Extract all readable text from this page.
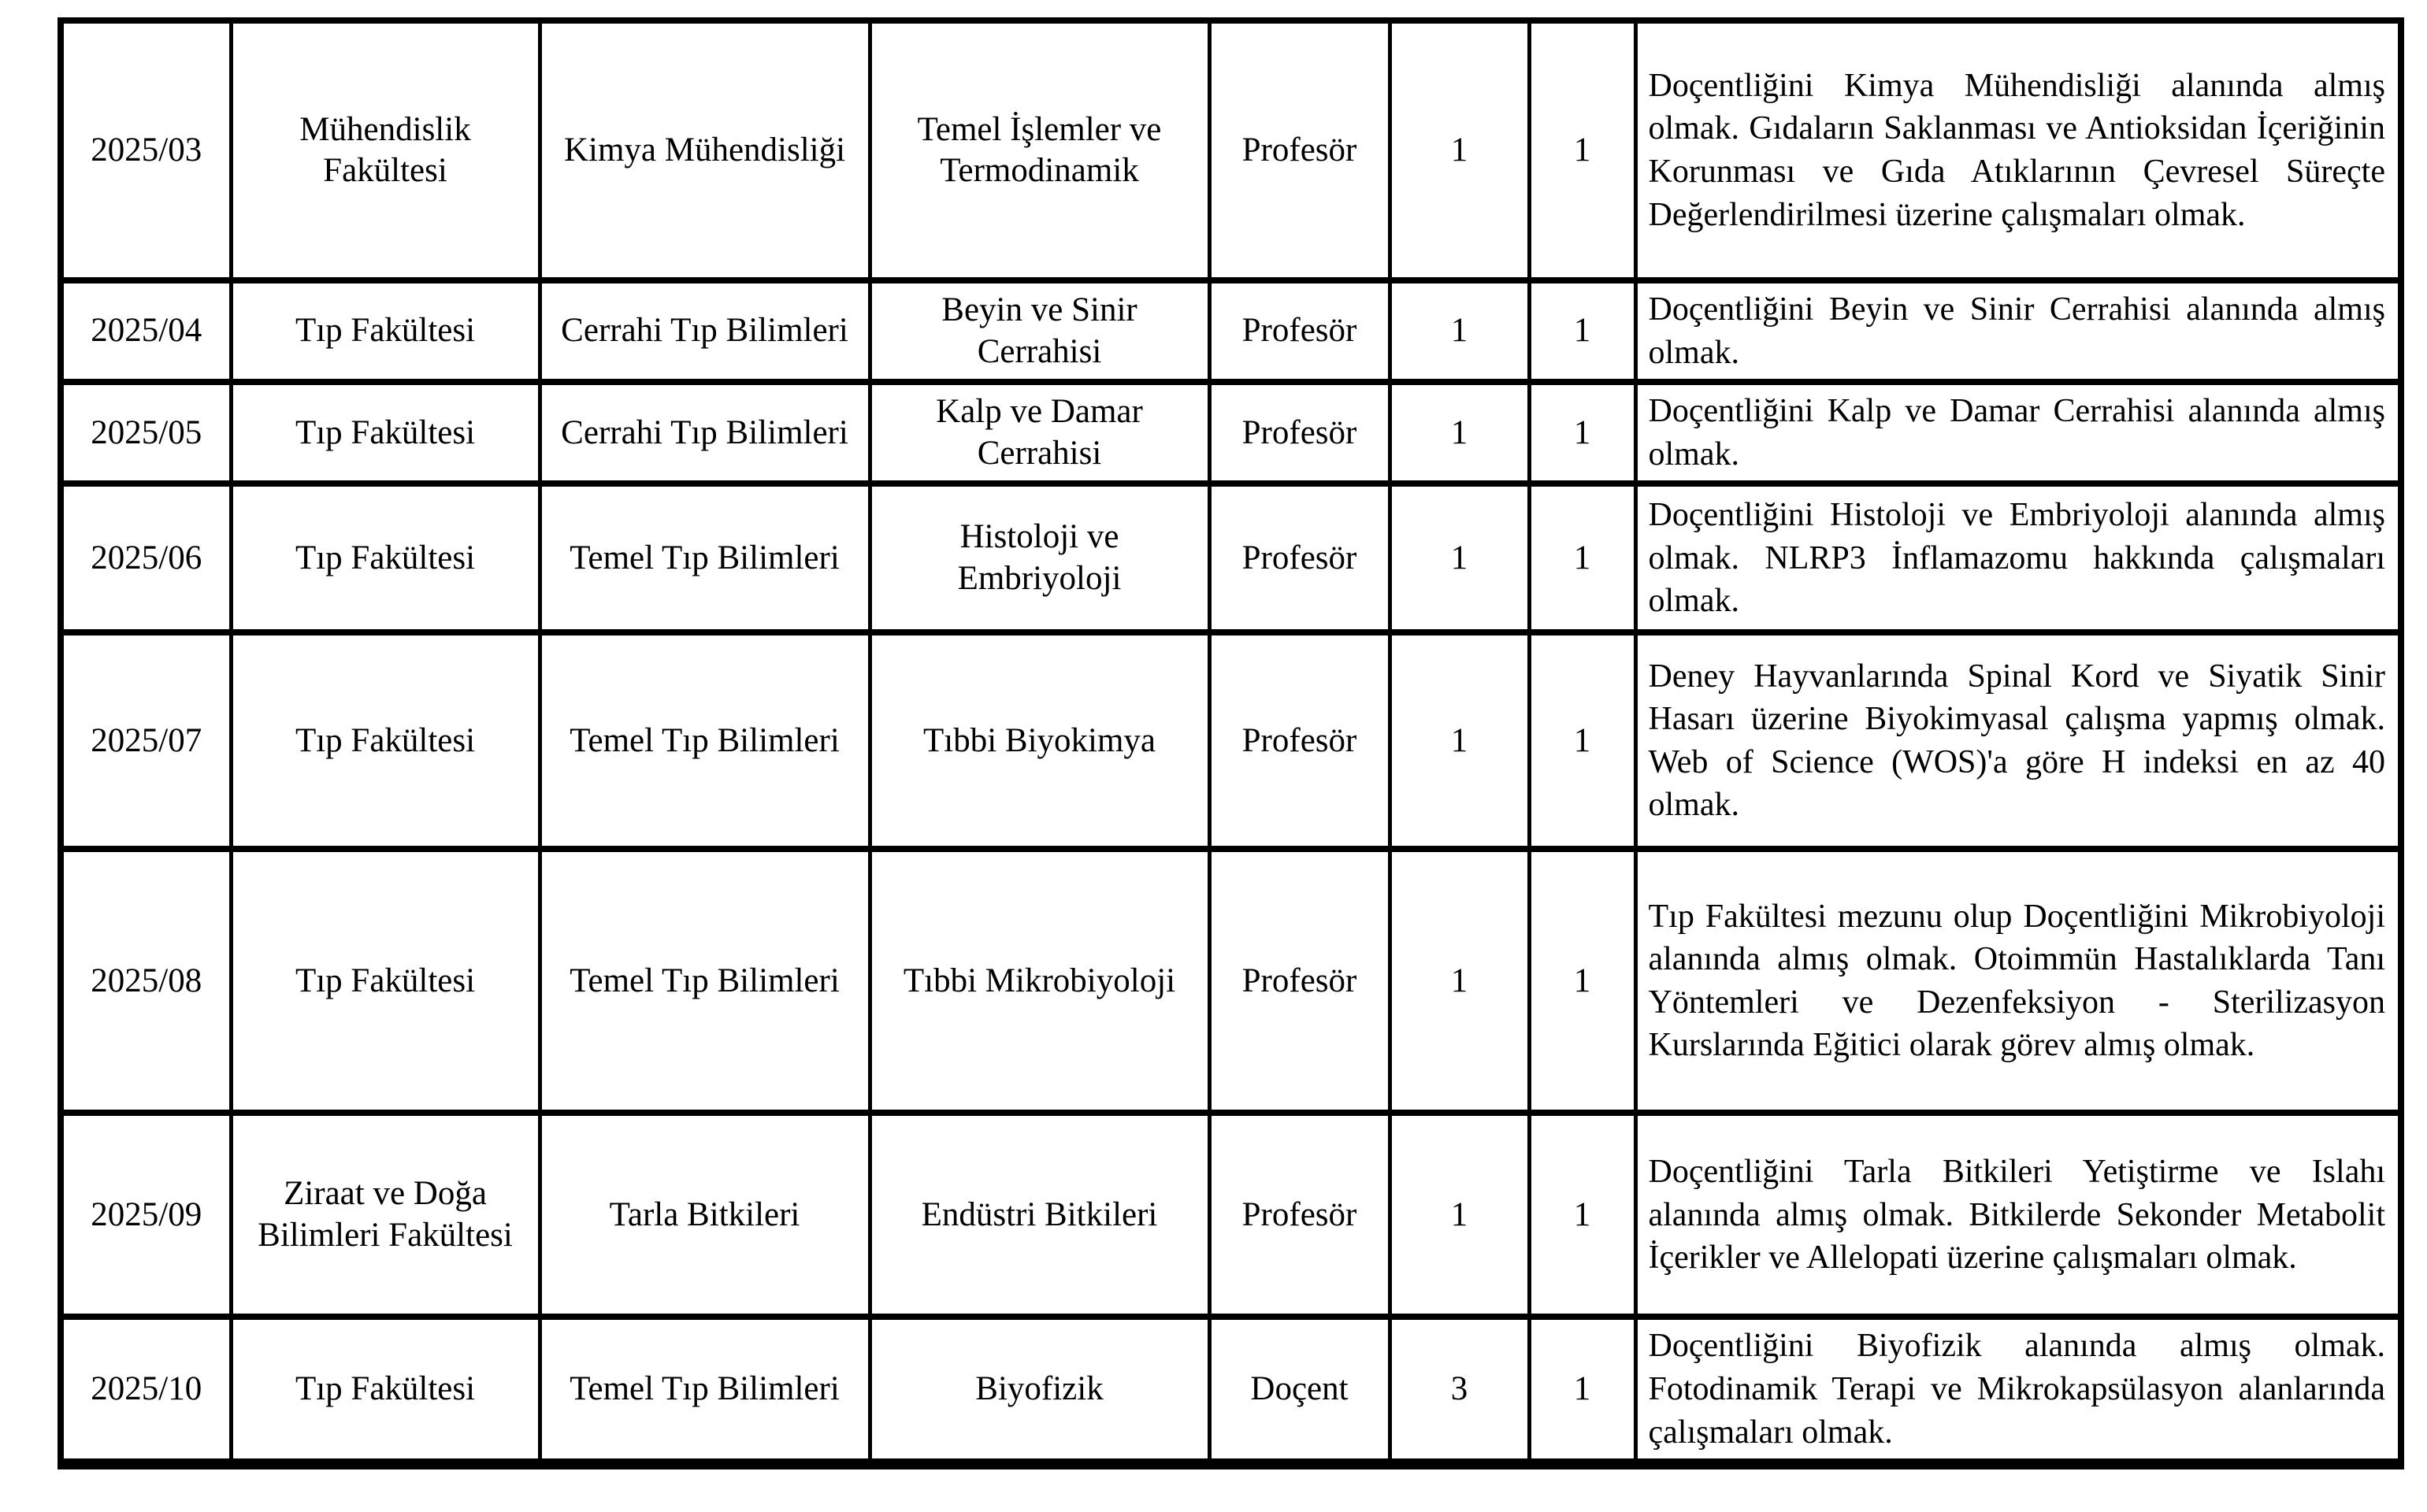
2025/03	Mühendislik Fakültesi	Kimya Mühendisliği	Temel İşlemler ve Termodinamik	Profesör	1	1	Doçentliğini Kimya Mühendisliği alanında almış olmak. Gıdaların Saklanması ve Antioksidan İçeriğinin Korunması ve Gıda Atıklarının Çevresel Süreçte Değerlendirilmesi üzerine çalışmaları olmak.
2025/04	Tıp Fakültesi	Cerrahi Tıp Bilimleri	Beyin ve Sinir Cerrahisi	Profesör	1	1	Doçentliğini Beyin ve Sinir Cerrahisi alanında almış olmak.
2025/05	Tıp Fakültesi	Cerrahi Tıp Bilimleri	Kalp ve Damar Cerrahisi	Profesör	1	1	Doçentliğini Kalp ve Damar Cerrahisi alanında almış olmak.
2025/06	Tıp Fakültesi	Temel Tıp Bilimleri	Histoloji ve Embriyoloji	Profesör	1	1	Doçentliğini Histoloji ve Embriyoloji alanında almış olmak. NLRP3 İnflamazomu hakkında çalışmaları olmak.
2025/07	Tıp Fakültesi	Temel Tıp Bilimleri	Tıbbi Biyokimya	Profesör	1	1	Deney Hayvanlarında Spinal Kord ve Siyatik Sinir Hasarı üzerine Biyokimyasal çalışma yapmış olmak. Web of Science (WOS)'a göre H indeksi en az 40 olmak.
2025/08	Tıp Fakültesi	Temel Tıp Bilimleri	Tıbbi Mikrobiyoloji	Profesör	1	1	Tıp Fakültesi mezunu olup Doçentliğini Mikrobiyoloji alanında almış olmak. Otoimmün Hastalıklarda Tanı Yöntemleri ve Dezenfeksiyon - Sterilizasyon Kurslarında Eğitici olarak görev almış olmak.
2025/09	Ziraat ve Doğa Bilimleri Fakültesi	Tarla Bitkileri	Endüstri Bitkileri	Profesör	1	1	Doçentliğini Tarla Bitkileri Yetiştirme ve Islahı alanında almış olmak. Bitkilerde Sekonder Metabolit İçerikler ve Allelopati üzerine çalışmaları olmak.
2025/10	Tıp Fakültesi	Temel Tıp Bilimleri	Biyofizik	Doçent	3	1	Doçentliğini Biyofizik alanında almış olmak. Fotodinamik Terapi ve Mikrokapsülasyon alanlarında çalışmaları olmak.
